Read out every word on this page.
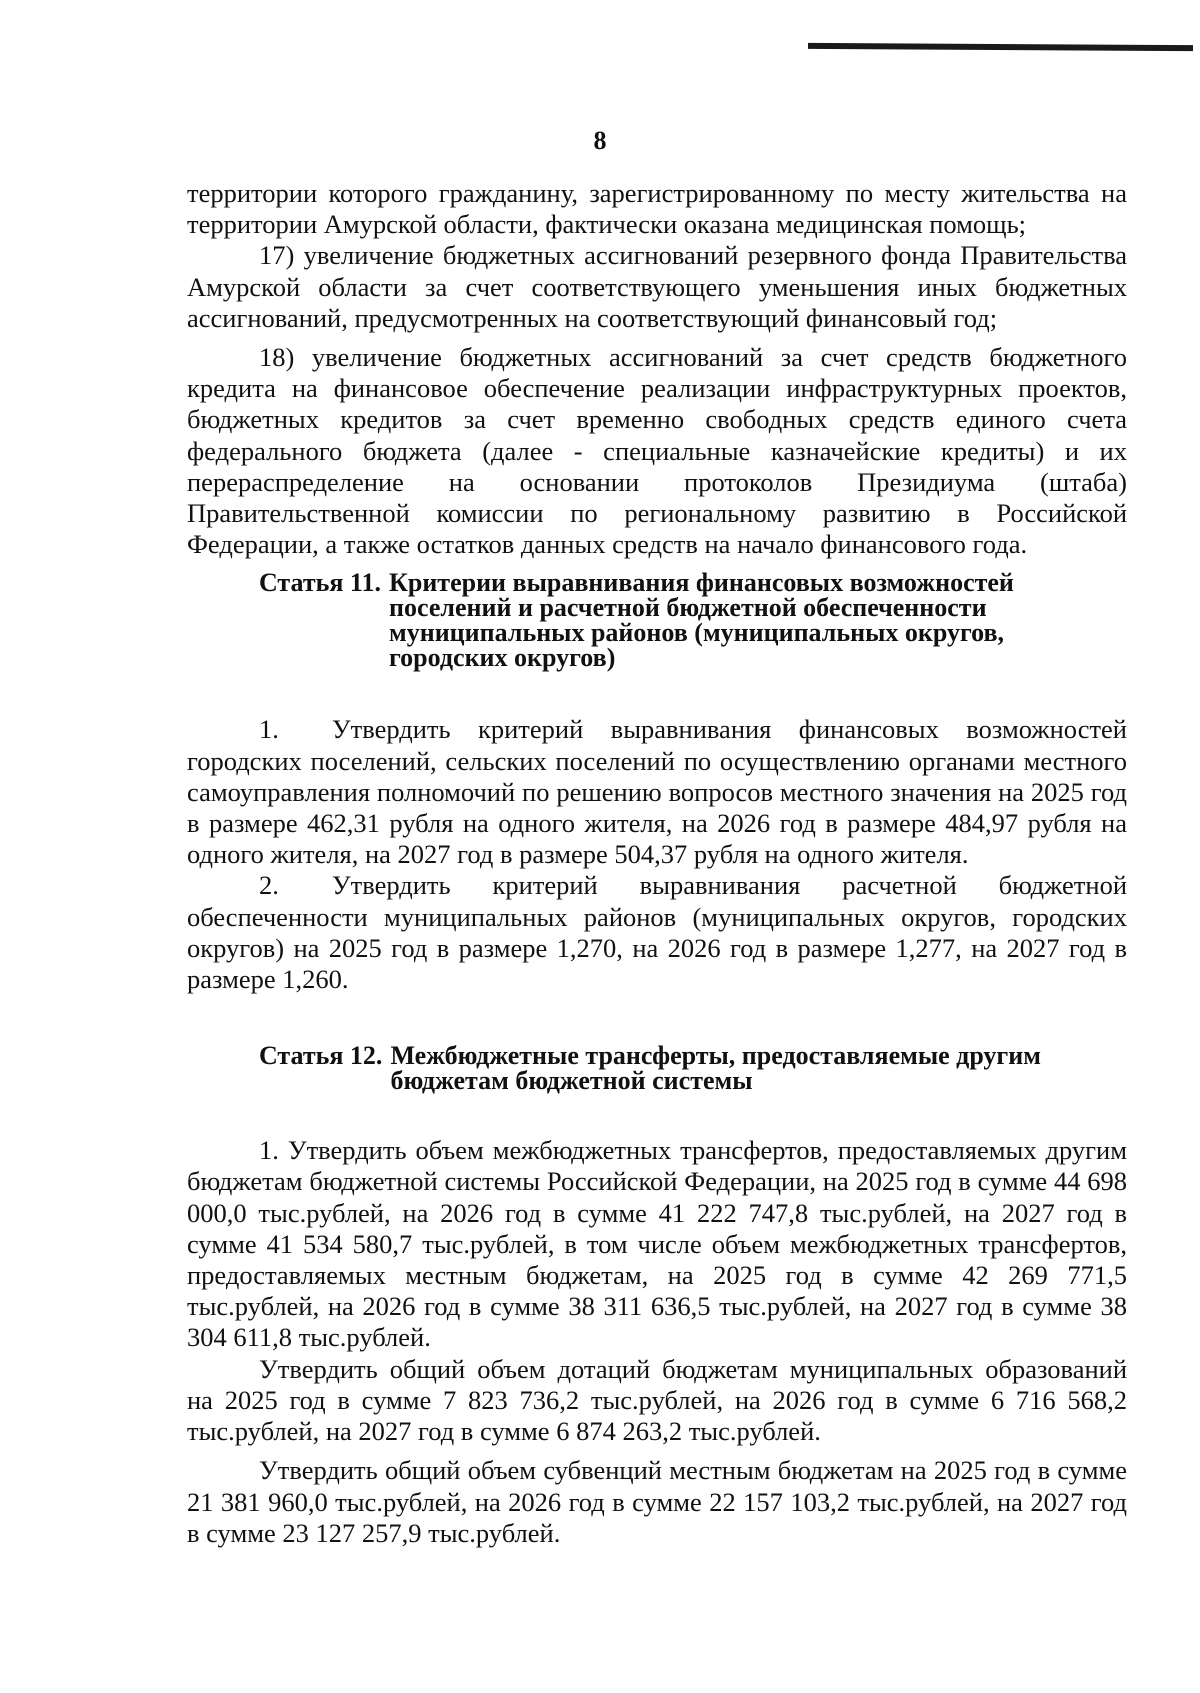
8

территории которого гражданину, зарегистрированному по месту жительства на территории Амурской области, фактически оказана медицинская помощь;

17) увеличение бюджетных ассигнований резервного фонда Правительства Амурской области за счет соответствующего уменьшения иных бюджетных ассигнований, предусмотренных на соответствующий финансовый год;

18) увеличение бюджетных ассигнований за счет средств бюджетного кредита на финансовое обеспечение реализации инфраструктурных проектов, бюджетных кредитов за счет временно свободных средств единого счета федерального бюджета (далее - специальные казначейские кредиты) и их перераспределение на основании протоколов Президиума (штаба) Правительственной комиссии по региональному развитию в Российской Федерации, а также остатков данных средств на начало финансового года.

Статья 11. Критерии выравнивания финансовых возможностей поселений и расчетной бюджетной обеспеченности муниципальных районов (муниципальных округов, городских округов)

1.  Утвердить критерий выравнивания финансовых возможностей городских поселений, сельских поселений по осуществлению органами местного самоуправления полномочий по решению вопросов местного значения на 2025 год в размере 462,31 рубля на одного жителя, на 2026 год в размере 484,97 рубля на одного жителя, на 2027 год в размере 504,37 рубля на одного жителя.

2.  Утвердить критерий выравнивания расчетной бюджетной обеспеченности муниципальных районов (муниципальных округов, городских округов) на 2025 год в размере 1,270, на 2026 год в размере 1,277, на 2027 год в размере 1,260.

Статья 12. Межбюджетные трансферты, предоставляемые другим бюджетам бюджетной системы

1. Утвердить объем межбюджетных трансфертов, предоставляемых другим бюджетам бюджетной системы Российской Федерации, на 2025 год в сумме 44 698 000,0 тыс.рублей, на 2026 год в сумме 41 222 747,8 тыс.рублей, на 2027 год в сумме 41 534 580,7 тыс.рублей, в том числе объем межбюджетных трансфертов, предоставляемых местным бюджетам, на 2025 год в сумме 42 269 771,5 тыс.рублей, на 2026 год в сумме 38 311 636,5 тыс.рублей, на 2027 год в сумме 38 304 611,8 тыс.рублей.

Утвердить общий объем дотаций бюджетам муниципальных образований на 2025 год в сумме 7 823 736,2 тыс.рублей, на 2026 год в сумме 6 716 568,2 тыс.рублей, на 2027 год в сумме 6 874 263,2 тыс.рублей.

Утвердить общий объем субвенций местным бюджетам на 2025 год в сумме 21 381 960,0 тыс.рублей, на 2026 год в сумме 22 157 103,2 тыс.рублей, на 2027 год в сумме 23 127 257,9 тыс.рублей.
